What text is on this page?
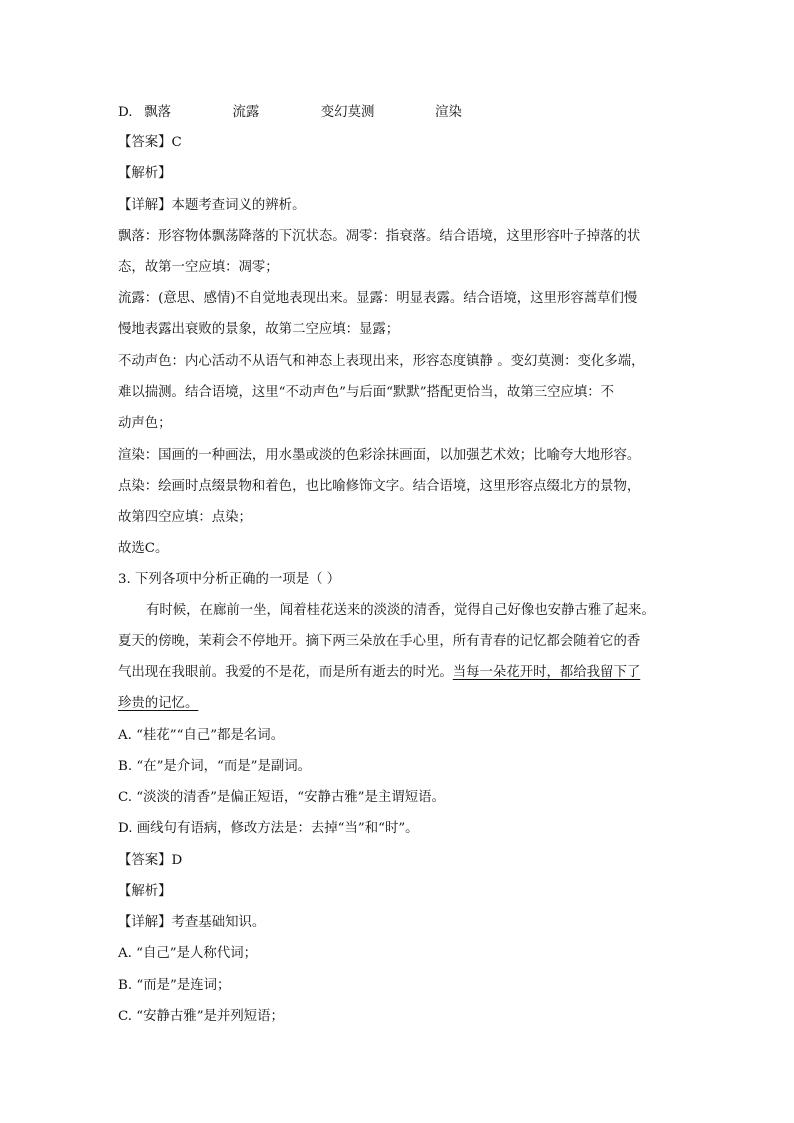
D. 飘落	流露	变幻莫测	渲染
【答案】C
【解析】
【详解】本题考查词义的辨析。
飘落：形容物体飘荡降落的下沉状态。凋零：指衰落。结合语境，这里形容叶子掉落的状
态，故第一空应填：凋零；
流露：(意思、感情)不自觉地表现出来。显露：明显表露。结合语境，这里形容蒿草们慢
慢地表露出衰败的景象，故第二空应填：显露；
不动声色：内心活动不从语气和神态上表现出来，形容态度镇静 。变幻莫测：变化多端，
难以揣测。结合语境，这里“不动声色”与后面“默默”搭配更恰当，故第三空应填：不
动声色；
渲染：国画的一种画法，用水墨或淡的色彩涂抹画面，以加强艺术效；比喻夸大地形容。
点染：绘画时点缀景物和着色，也比喻修饰文字。结合语境，这里形容点缀北方的景物，
故第四空应填：点染；
故选C。
3. 下列各项中分析正确的一项是（ ）
有时候，在廊前一坐，闻着桂花送来的淡淡的清香，觉得自己好像也安静古雅了起来。
夏天的傍晚，茉莉会不停地开。摘下两三朵放在手心里，所有青春的记忆都会随着它的香
气出现在我眼前。我爱的不是花，而是所有逝去的时光。当每一朵花开时，都给我留下了
珍贵的记忆。
A. “桂花”“自己”都是名词。
B. “在”是介词，“而是”是副词。
C. “淡淡的清香”是偏正短语，“安静古雅”是主谓短语。
D. 画线句有语病，修改方法是：去掉“当”和“时”。
【答案】D
【解析】
【详解】考查基础知识。
A. “自己”是人称代词；
B. “而是”是连词；
C. “安静古雅”是并列短语；
